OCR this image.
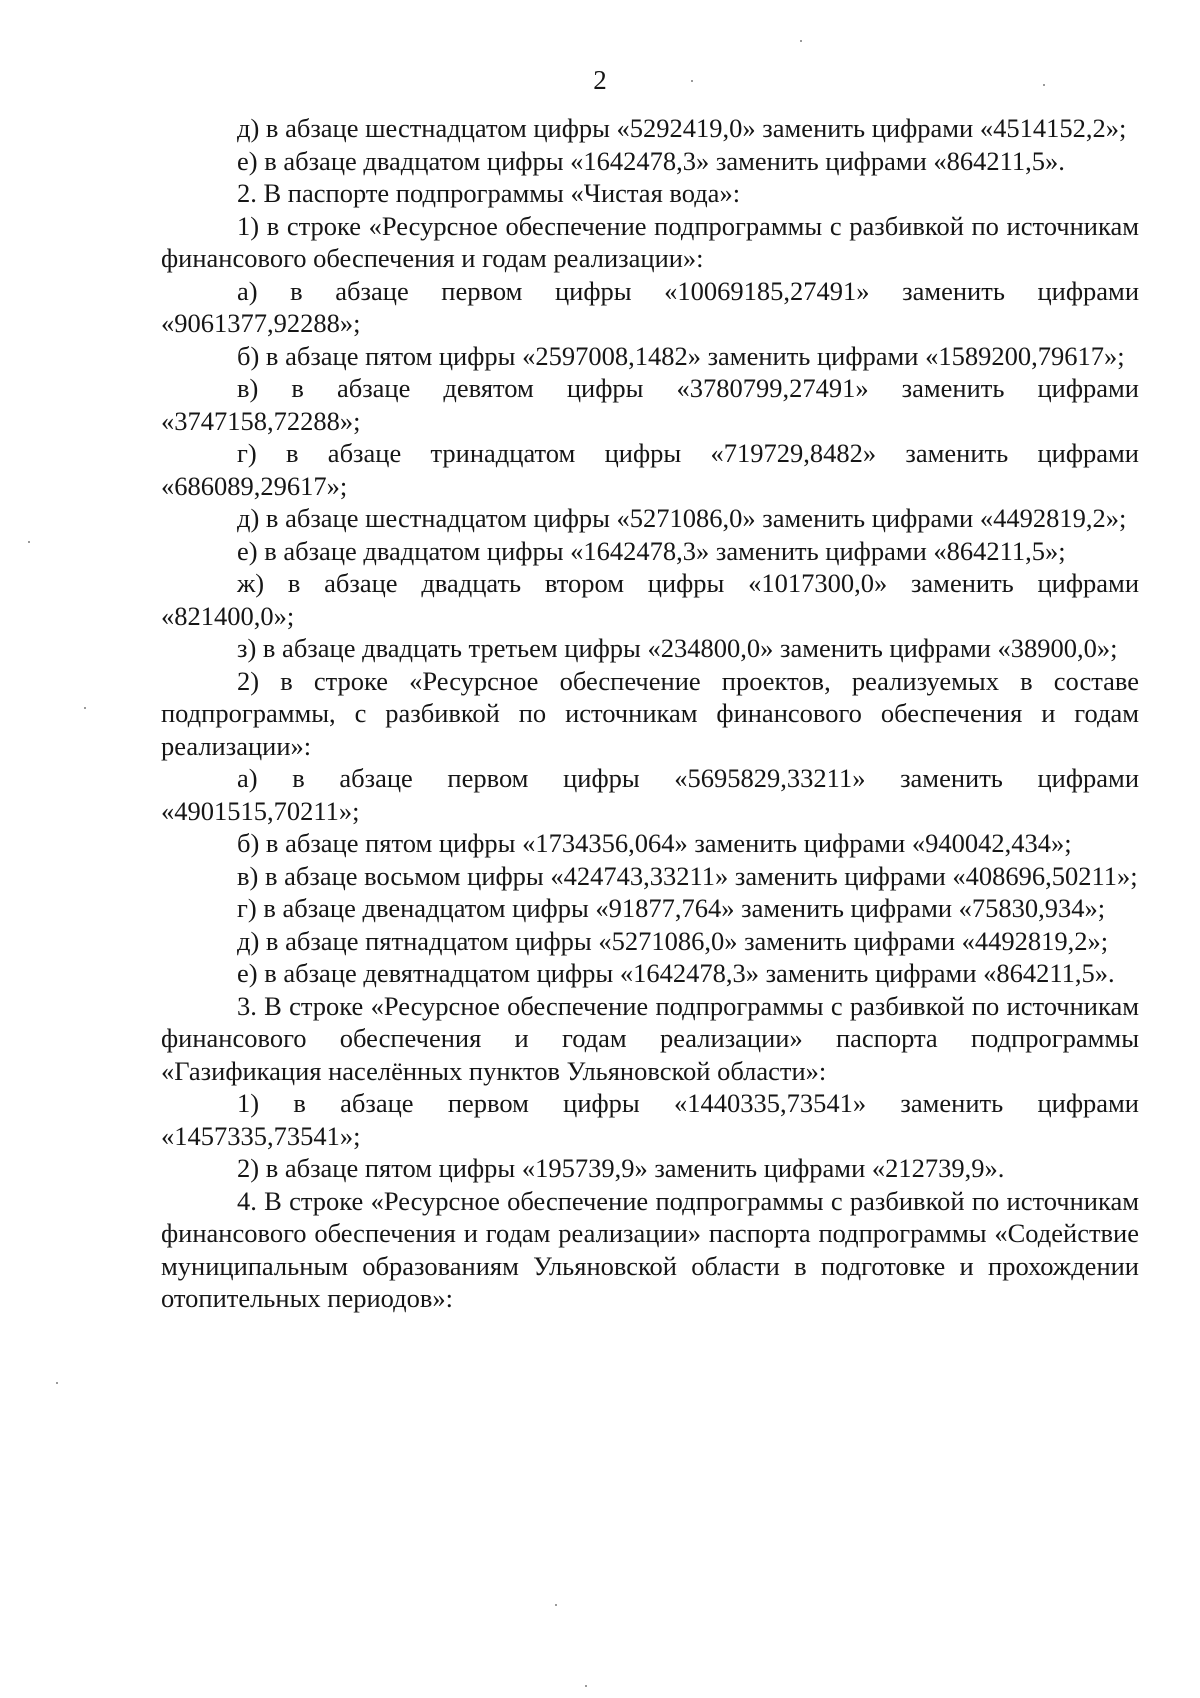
2

д) в абзаце шестнадцатом цифры «5292419,0» заменить цифрами «4514152,2»;

е) в абзаце двадцатом цифры «1642478,3» заменить цифрами «864211,5».

2. В паспорте подпрограммы «Чистая вода»:

1) в строке «Ресурсное обеспечение подпрограммы с разбивкой по источникам финансового обеспечения и годам реализации»:

а) в абзаце первом цифры «10069185,27491» заменить цифрами «9061377,92288»;

б) в абзаце пятом цифры «2597008,1482» заменить цифрами «1589200,79617»;

в) в абзаце девятом цифры «3780799,27491» заменить цифрами «3747158,72288»;

г) в абзаце тринадцатом цифры «719729,8482» заменить цифрами «686089,29617»;

д) в абзаце шестнадцатом цифры «5271086,0» заменить цифрами «4492819,2»;

е) в абзаце двадцатом цифры «1642478,3» заменить цифрами «864211,5»;

ж) в абзаце двадцать втором цифры «1017300,0» заменить цифрами «821400,0»;

з) в абзаце двадцать третьем цифры «234800,0» заменить цифрами «38900,0»;

2) в строке «Ресурсное обеспечение проектов, реализуемых в составе подпрограммы, с разбивкой по источникам финансового обеспечения и годам реализации»:

а) в абзаце первом цифры «5695829,33211» заменить цифрами «4901515,70211»;

б) в абзаце пятом цифры «1734356,064» заменить цифрами «940042,434»;

в) в абзаце восьмом цифры «424743,33211» заменить цифрами «408696,50211»;

г) в абзаце двенадцатом цифры «91877,764» заменить цифрами «75830,934»;

д) в абзаце пятнадцатом цифры «5271086,0» заменить цифрами «4492819,2»;

е) в абзаце девятнадцатом цифры «1642478,3» заменить цифрами «864211,5».

3. В строке «Ресурсное обеспечение подпрограммы с разбивкой по источникам финансового обеспечения и годам реализации» паспорта подпрограммы «Газификация населённых пунктов Ульяновской области»:

1) в абзаце первом цифры «1440335,73541» заменить цифрами «1457335,73541»;

2) в абзаце пятом цифры «195739,9» заменить цифрами «212739,9».

4. В строке «Ресурсное обеспечение подпрограммы с разбивкой по источникам финансового обеспечения и годам реализации» паспорта подпрограммы «Содействие муниципальным образованиям Ульяновской области в подготовке и прохождении отопительных периодов»:
